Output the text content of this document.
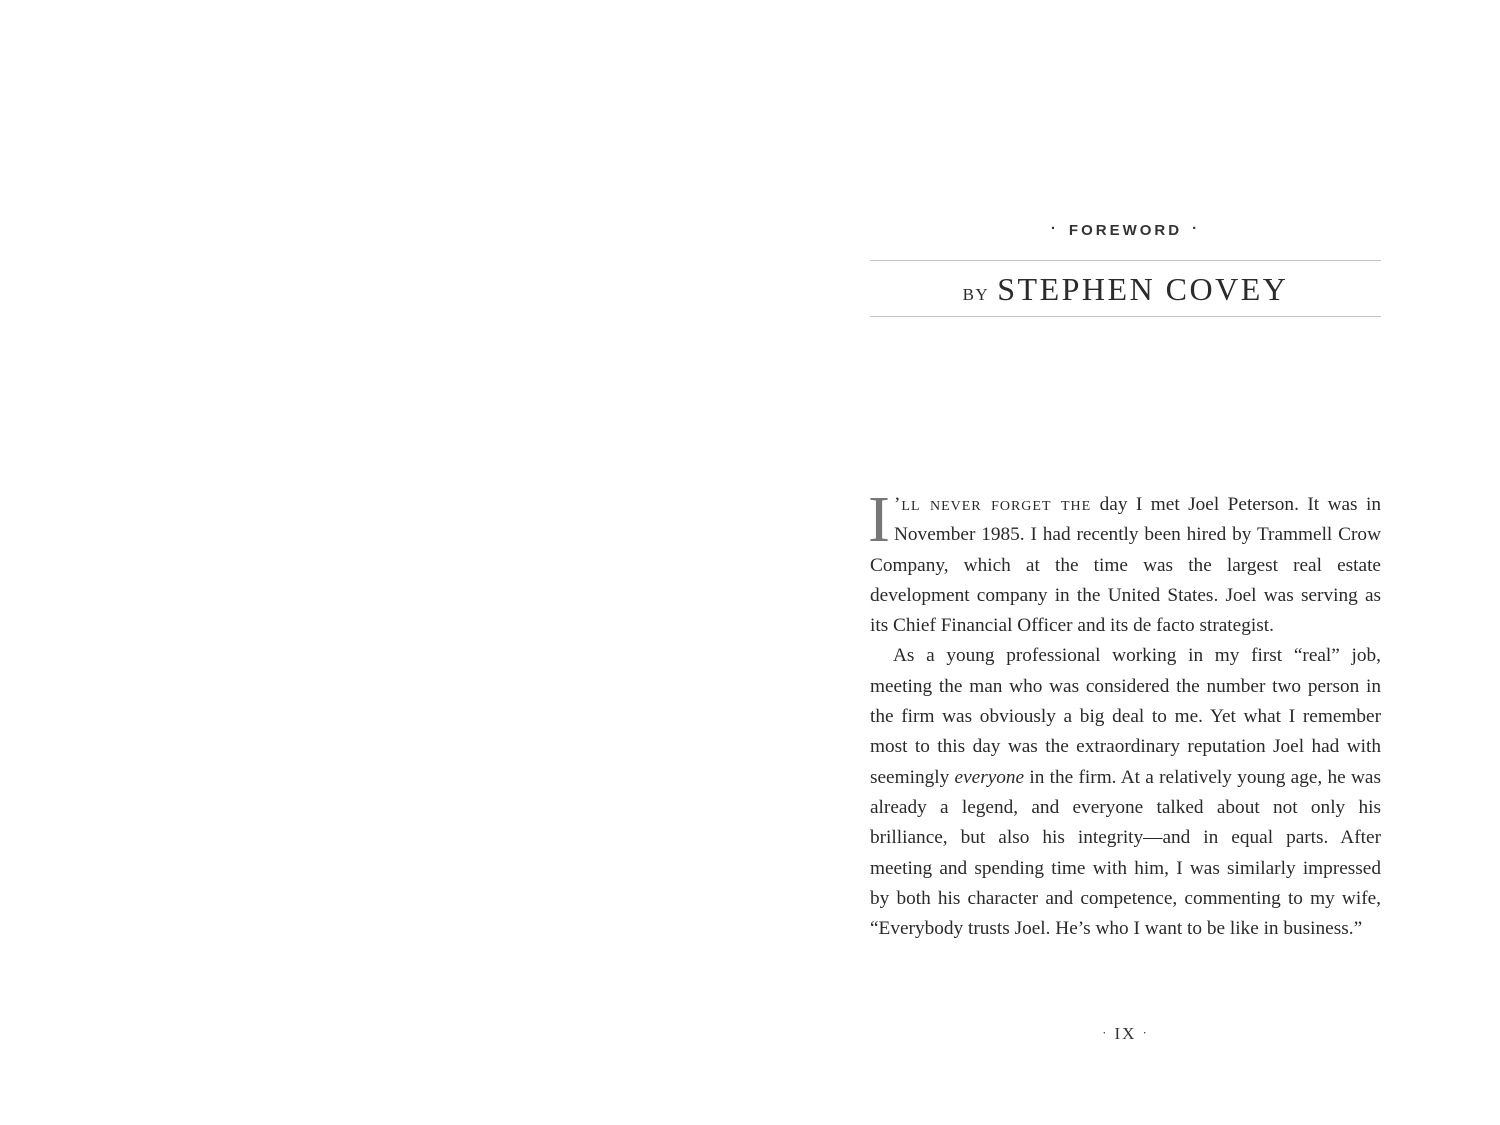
· FOREWORD ·
BY STEPHEN COVEY

I ’ll never forget the day I met Joel Peterson. It was in November 1985. I had recently been hired by Trammell Crow Company, which at the time was the largest real estate development company in the United States. Joel was serving as its Chief Financial Officer and its de facto strategist.

As a young professional working in my first “real” job, meeting the man who was considered the number two person in the firm was obviously a big deal to me. Yet what I remember most to this day was the extraordinary reputation Joel had with seemingly everyone in the firm. At a relatively young age, he was already a legend, and everyone talked about not only his brilliance, but also his integrity—and in equal parts. After meeting and spending time with him, I was similarly impressed by both his character and competence, commenting to my wife, “Everybody trusts Joel. He’s who I want to be like in business.”

· IX ·
